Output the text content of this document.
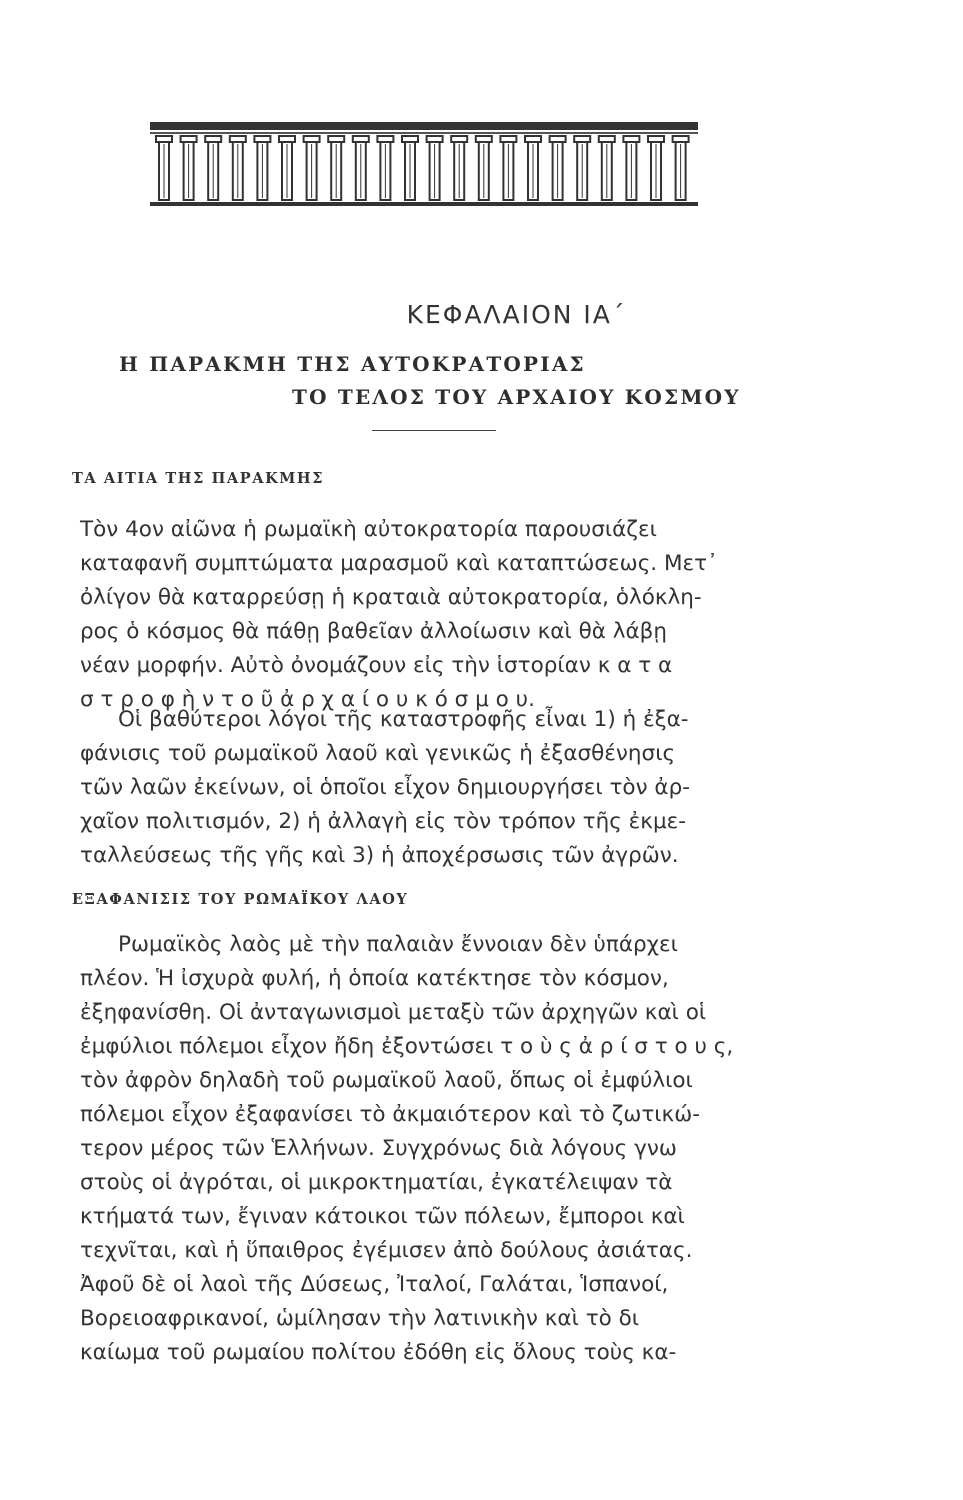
ΚΕΦΑΛΑΙΟΝ ΙΑ΄
Η ΠΑΡΑΚΜΗ ΤΗΣ ΑΥΤΟΚΡΑΤΟΡΙΑΣ
ΤΟ ΤΕΛΟΣ ΤΟΥ ΑΡΧΑΙΟΥ ΚΟΣΜΟΥ
ΤΑ ΑΙΤΙΑ ΤΗΣ ΠΑΡΑΚΜΗΣ
Τὸν 4ον αἰῶνα ἡ ρωμαϊκὴ αὐτοκρατορία παρουσιάζει
καταφανῆ συμπτώματα μαρασμοῦ καὶ καταπτώσεως. Μετ᾿
ὀλίγον θὰ καταρρεύσῃ ἡ κραταιὰ αὐτοκρατορία, ὁλόκλη-
ρος ὁ κόσμος θὰ πάθῃ βαθεῖαν ἀλλοίωσιν καὶ θὰ λάβῃ
νέαν μορφήν. Αὐτὸ ὀνομάζουν εἰς τὴν ἱστορίαν κ α τ α
σ τ ρ ο φ ὴ ν τ ο ῦ ἀ ρ χ α ί ο υ κ ό σ μ ο υ.
Οἱ βαθύτεροι λόγοι τῆς καταστροφῆς εἶναι 1) ἡ ἐξα-
φάνισις τοῦ ρωμαϊκοῦ λαοῦ καὶ γενικῶς ἡ ἐξασθένησις
τῶν λαῶν ἐκείνων, οἱ ὁποῖοι εἶχον δημιουργήσει τὸν ἀρ-
χαῖον πολιτισμόν, 2) ἡ ἀλλαγὴ εἰς τὸν τρόπον τῆς ἐκμε-
ταλλεύσεως τῆς γῆς καὶ 3) ἡ ἀποχέρσωσις τῶν ἀγρῶν.
ΕΞΑΦΑΝΙΣΙΣ ΤΟΥ ΡΩΜΑΪΚΟΥ ΛΑΟΥ
Ρωμαϊκὸς λαὸς μὲ τὴν παλαιὰν ἔννοιαν δὲν ὑπάρχει
πλέον. Ἡ ἰσχυρὰ φυλή, ἡ ὁποία κατέκτησε τὸν κόσμον,
ἐξηφανίσθη. Οἱ ἀνταγωνισμοὶ μεταξὺ τῶν ἀρχηγῶν καὶ οἱ
ἐμφύλιοι πόλεμοι εἶχον ἤδη ἐξοντώσει τ ο ὺ ς ἀ ρ ί σ τ ο υ ς,
τὸν ἀφρὸν δηλαδὴ τοῦ ρωμαϊκοῦ λαοῦ, ὅπως οἱ ἐμφύλιοι
πόλεμοι εἶχον ἐξαφανίσει τὸ ἀκμαιότερον καὶ τὸ ζωτικώ-
τερον μέρος τῶν Ἑλλήνων. Συγχρόνως διὰ λόγους γνω
στοὺς οἱ ἀγρόται, οἱ μικροκτηματίαι, ἐγκατέλειψαν τὰ
κτήματά των, ἔγιναν κάτοικοι τῶν πόλεων, ἔμποροι καὶ
τεχνῖται, καὶ ἡ ὕπαιθρος ἐγέμισεν ἀπὸ δούλους ἀσιάτας.
Ἀφοῦ δὲ οἱ λαοὶ τῆς Δύσεως, Ἰταλοί, Γαλάται, Ἱσπανοί,
Βορειοαφρικανοί, ὡμίλησαν τὴν λατινικὴν καὶ τὸ δι
καίωμα τοῦ ρωμαίου πολίτου ἐδόθη εἰς ὅλους τοὺς κα-
